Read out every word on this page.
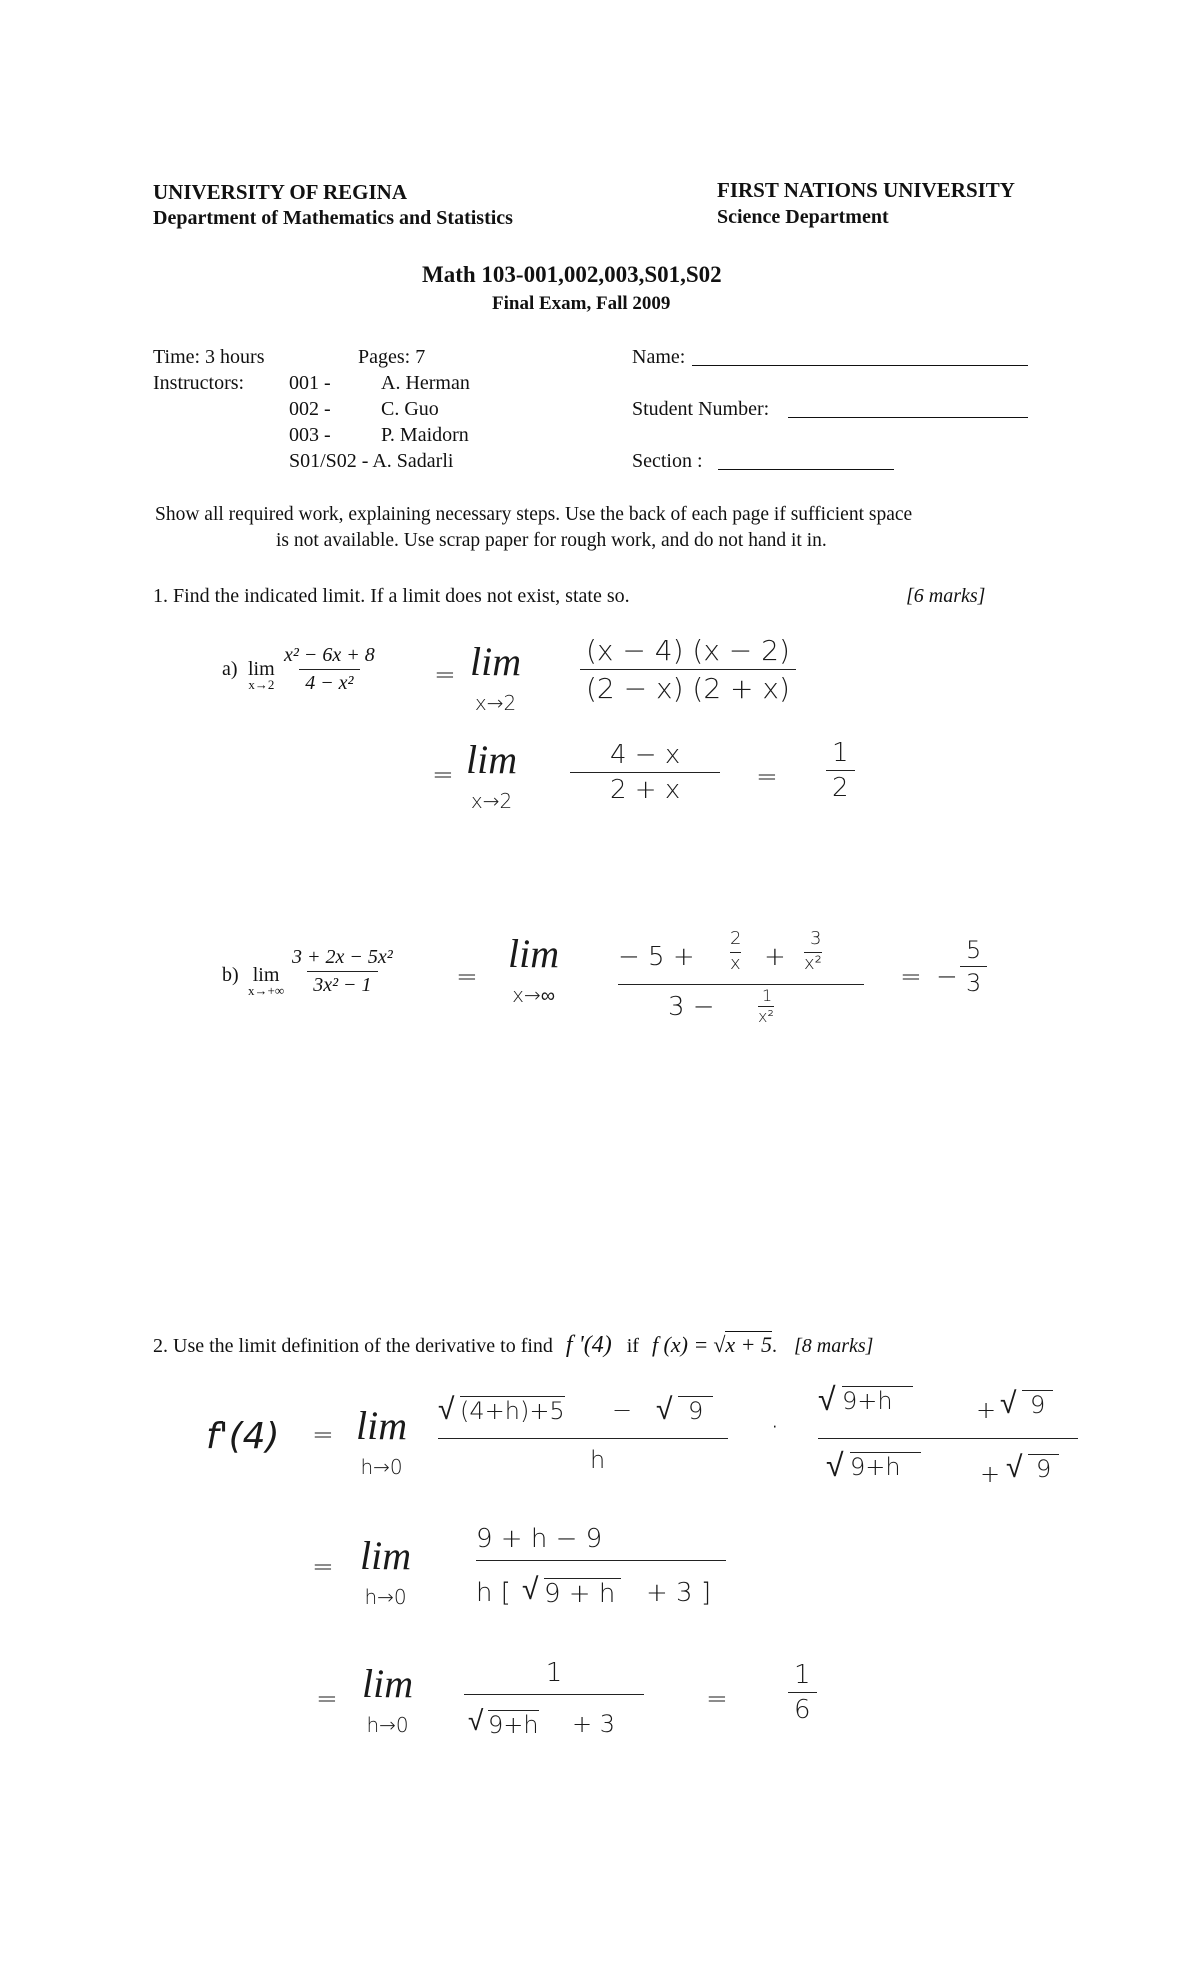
UNIVERSITY OF REGINA
Department of Mathematics and Statistics
FIRST NATIONS UNIVERSITY
Science Department
Math 103-001,002,003,S01,S02
Final Exam, Fall 2009
Time: 3 hours	Pages: 7
Instructors: 001 -	A. Herman
002 -	C. Guo
003 -	P. Maidorn
S01/S02 - A. Sadarli
Name:
Student Number:
Section :
Show all required work, explaining necessary steps. Use the back of each page if sufficient space
is not available. Use scrap paper for rough work, and do not hand it in.
1. Find the indicated limit. If a limit does not exist, state so.	[6 marks]
a) lim
$x\to 2 \frac{\text{x² − 6x + 8}}{\text{4 − x²}} = \lim$
$x\to 2 \frac{(x - 4) (x - 2)}{(2 - x) (2 + x)}$
= lim
$x\to 2 \frac{4 - x}{2 + x} = \frac{1}{2}$
b) lim
$x\to+\infty \frac{\text{3 + 2x − 5x²}}{\text{3x² − 1}}$ =
lim
x→∞
− 5 +
2
x +
3
x²
3 −	1
x²
= − $\frac{5}{3}$
2. Use the limit definition of the derivative to find f '(4) if f (x) = √x + 5. [8 marks]
f'(4) = lim
h→0
√ (4+h)+5 − √ 9
h
·
√ 9+h	+ √ 9
√ 9+h	+ √ 9
= lim
h→0
9 + h − 9
h [ √ 9 + h + 3 ]
= lim
h→0
1
√ 9+h + 3
= $\frac{1}{6}$
